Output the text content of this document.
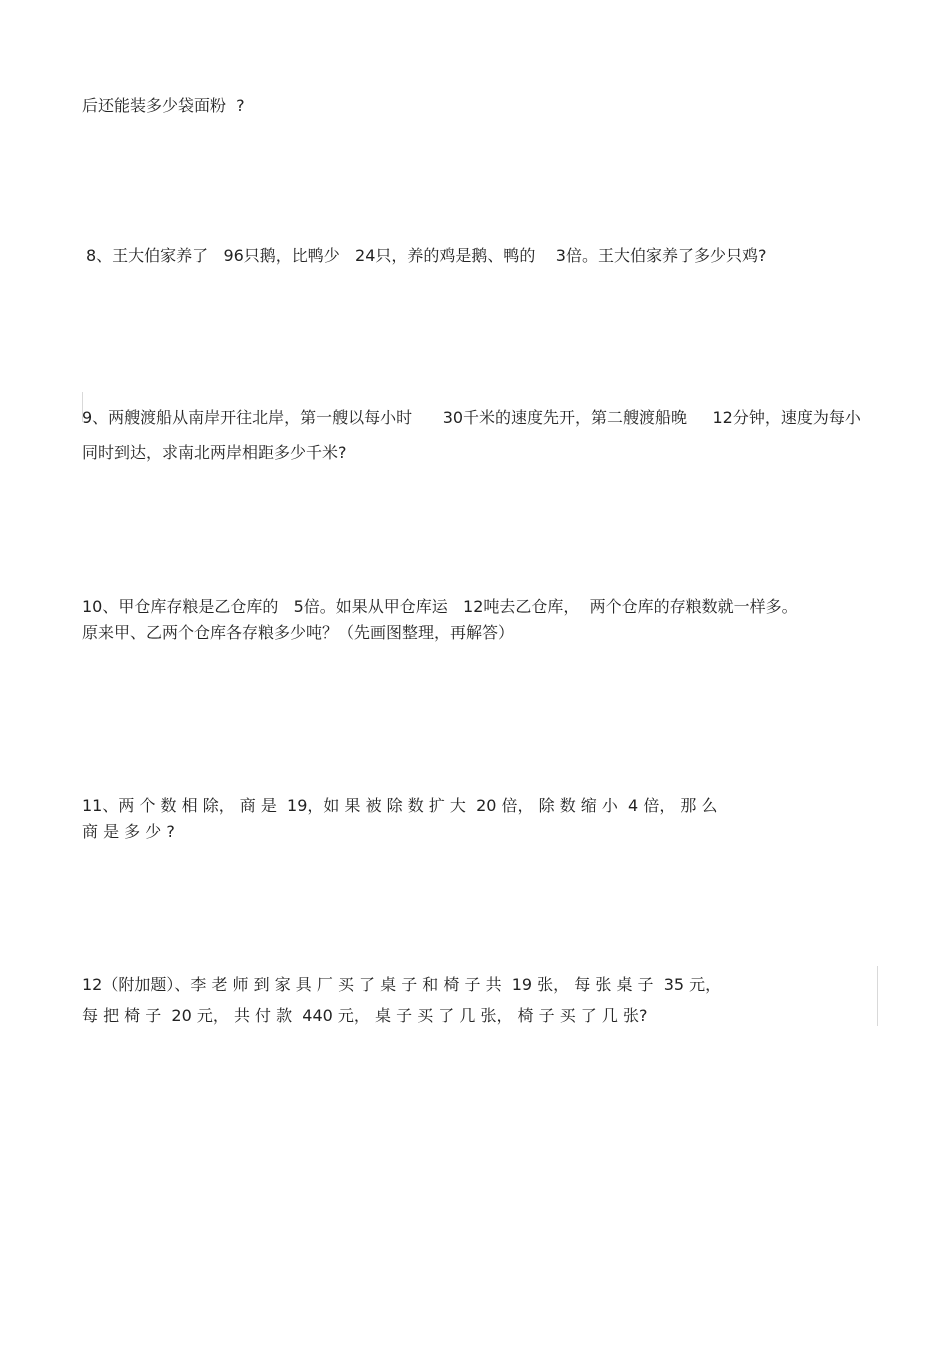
后还能装多少袋面粉  ?
8、王大伯家养了   96只鹅，比鸭少   24只，养的鸡是鹅、鸭的    3倍。王大伯家养了多少只鸡?
9、两艘渡船从南岸开往北岸，第一艘以每小时      30千米的速度先开，第二艘渡船晚     12分钟，速度为每小
同时到达，求南北两岸相距多少千米?
10、甲仓库存粮是乙仓库的   5倍。如果从甲仓库运   12吨去乙仓库，  两个仓库的存粮数就一样多。
原来甲、乙两个仓库各存粮多少吨？（先画图整理，再解答）
11、两 个 数 相 除， 商 是  19，如 果 被 除 数 扩 大  20 倍， 除 数 缩 小  4 倍， 那 么
商 是 多 少 ?
12（附加题）、李 老 师 到 家 具 厂 买 了 桌 子 和 椅 子 共  19 张， 每 张 桌 子  35 元，
每 把 椅 子  20 元， 共 付 款  440 元， 桌 子 买 了 几 张， 椅 子 买 了 几 张?
